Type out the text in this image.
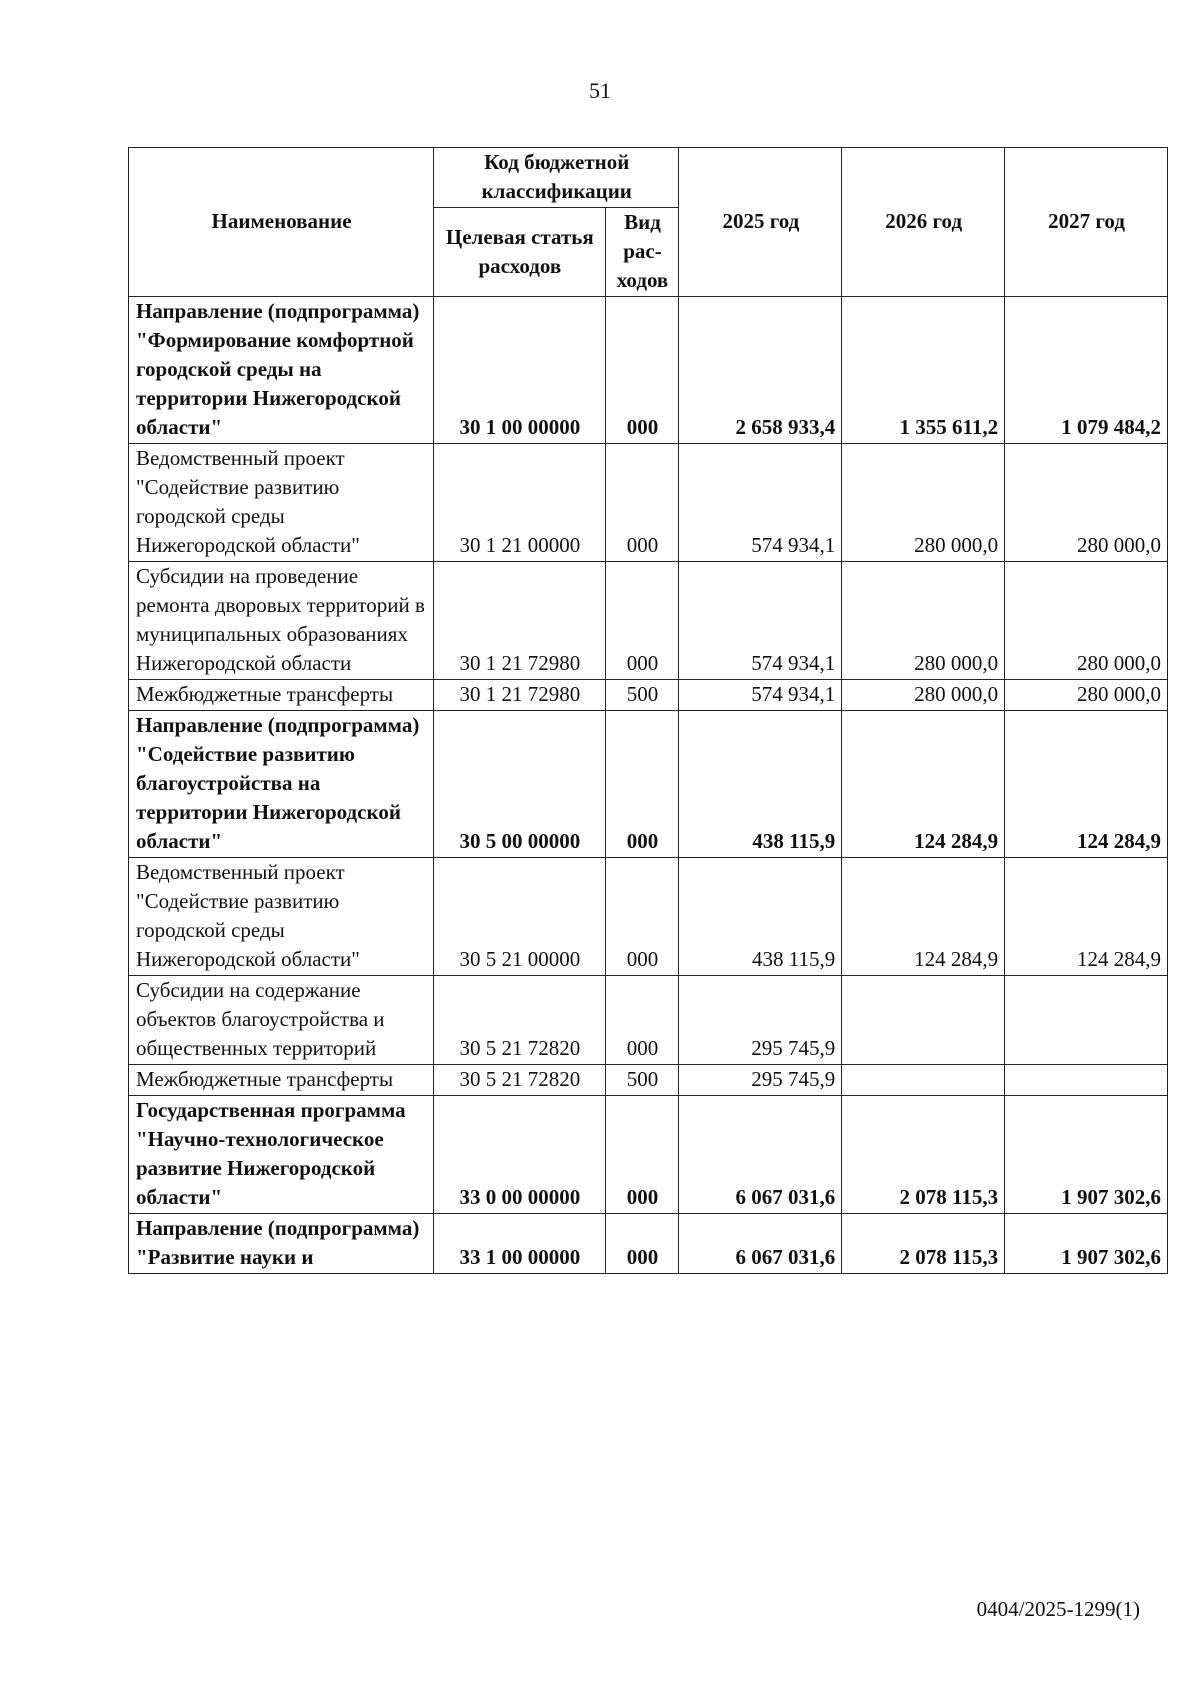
51
Наименование	Код бюджетной классификации		2025 год	2026 год	2027 год
	Целевая статья расходов	Вид рас-ходов			
Направление (подпрограмма) "Формирование комфортной городской среды на территории Нижегородской области"	30 1 00 00000	000	2 658 933,4	1 355 611,2	1 079 484,2
Ведомственный проект "Содействие развитию городской среды Нижегородской области"	30 1 21 00000	000	574 934,1	280 000,0	280 000,0
Субсидии на проведение ремонта дворовых территорий в муниципальных образованиях Нижегородской области	30 1 21 72980	000	574 934,1	280 000,0	280 000,0
Межбюджетные трансферты	30 1 21 72980	500	574 934,1	280 000,0	280 000,0
Направление (подпрограмма) "Содействие развитию благоустройства на территории Нижегородской области"	30 5 00 00000	000	438 115,9	124 284,9	124 284,9
Ведомственный проект "Содействие развитию городской среды Нижегородской области"	30 5 21 00000	000	438 115,9	124 284,9	124 284,9
Субсидии на содержание объектов благоустройства и общественных территорий	30 5 21 72820	000	295 745,9		
Межбюджетные трансферты	30 5 21 72820	500	295 745,9		
Государственная программа "Научно-технологическое развитие Нижегородской области"	33 0 00 00000	000	6 067 031,6	2 078 115,3	1 907 302,6
Направление (подпрограмма) "Развитие науки и	33 1 00 00000	000	6 067 031,6	2 078 115,3	1 907 302,6
0404/2025-1299(1)
